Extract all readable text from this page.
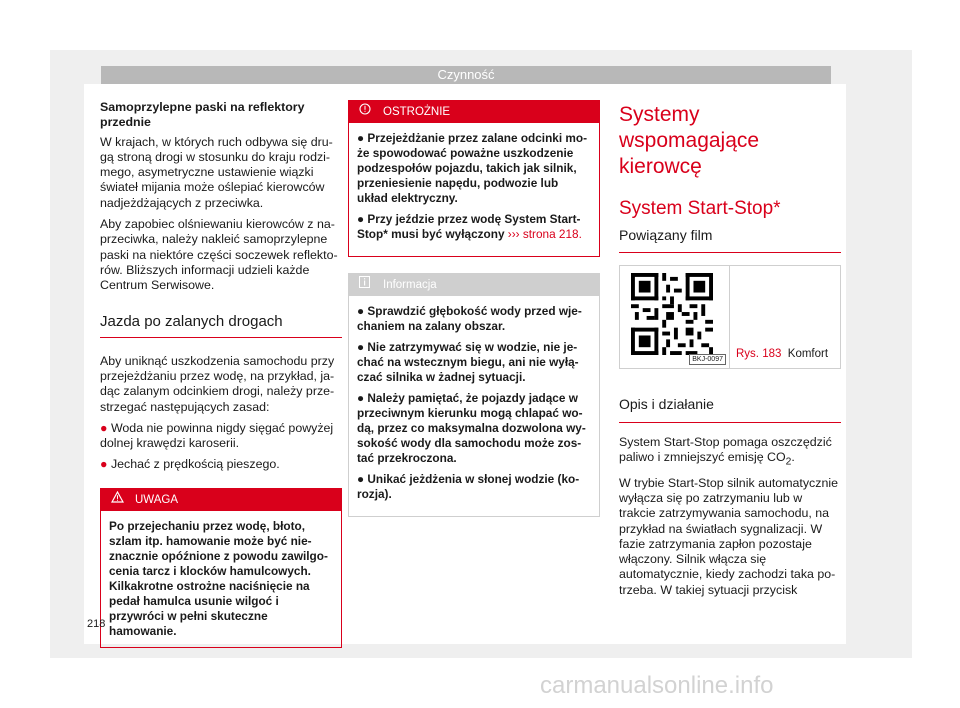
Czynność
Samoprzylepne paski na reflektory przednie

W krajach, w których ruch odbywa się drugą stroną drogi w stosunku do kraju rodzimego, asymetryczne ustawienie wiązki świateł mijania może oślepiać kierowców nadjeżdżających z przeciwka.

Aby zapobiec olśniewaniu kierowców z naprzeciwka, należy nakleić samoprzylepne paski na niektóre części soczewek reflektorów. Bliższych informacji udzieli każde Centrum Serwisowe.

Jazda po zalanych drogach

Aby uniknąć uszkodzenia samochodu przy przejeżdżaniu przez wodę, na przykład, jadąc zalanym odcinkiem drogi, należy przestrzegać następujących zasad:

● Woda nie powinna nigdy sięgać powyżej dolnej krawędzi karoserii.
● Jechać z prędkością pieszego.
UWAGA
Po przejechaniu przez wodę, błoto, szlam itp. hamowanie może być nieznacznie opóźnione z powodu zawilgocenia tarcz i klocków hamulcowych. Kilkakrotne ostrożne naciśnięcie na pedał hamulca usunie wilgoć i przywróci w pełni skuteczne hamowanie.
OSTROŻNIE

● Przejeżdżanie przez zalane odcinki może spowodować poważne uszkodzenie podzespołów pojazdu, takich jak silnik, przeniesienie napędu, podwozie lub układ elektryczny.

● Przy jeździe przez wodę System Start-Stop* musi być wyłączony ››› strona 218.

Informacja

● Sprawdzić głębokość wody przed wjechaniem na zalany obszar.

● Nie zatrzymywać się w wodzie, nie jechać na wstecznym biegu, ani nie wyłączać silnika w żadnej sytuacji.

● Należy pamiętać, że pojazdy jadące w przeciwnym kierunku mogą chlapać wodą, przez co maksymalna dozwolona wysokość wody dla samochodu może zostać przekroczona.

● Unikać jeżdżenia w słonej wodzie (korozja).

Systemy wspomagające kierowcę
System Start-Stop*
Powiązany film
BKJ-0097 Rys. 183 Komfort
Opis i działanie

System Start-Stop pomaga oszczędzić paliwo i zmniejszyć emisję $CO_2$.

W trybie Start-Stop silnik automatycznie wyłącza się po zatrzymaniu lub w trakcie zatrzymywania samochodu, na przykład na światłach sygnalizacji. W fazie zatrzymania zapłon pozostaje włączony. Silnik włącza się automatycznie, kiedy zachodzi taka potrzeba. W takiej sytuacji przycisk

218
carmanualsonline.info
